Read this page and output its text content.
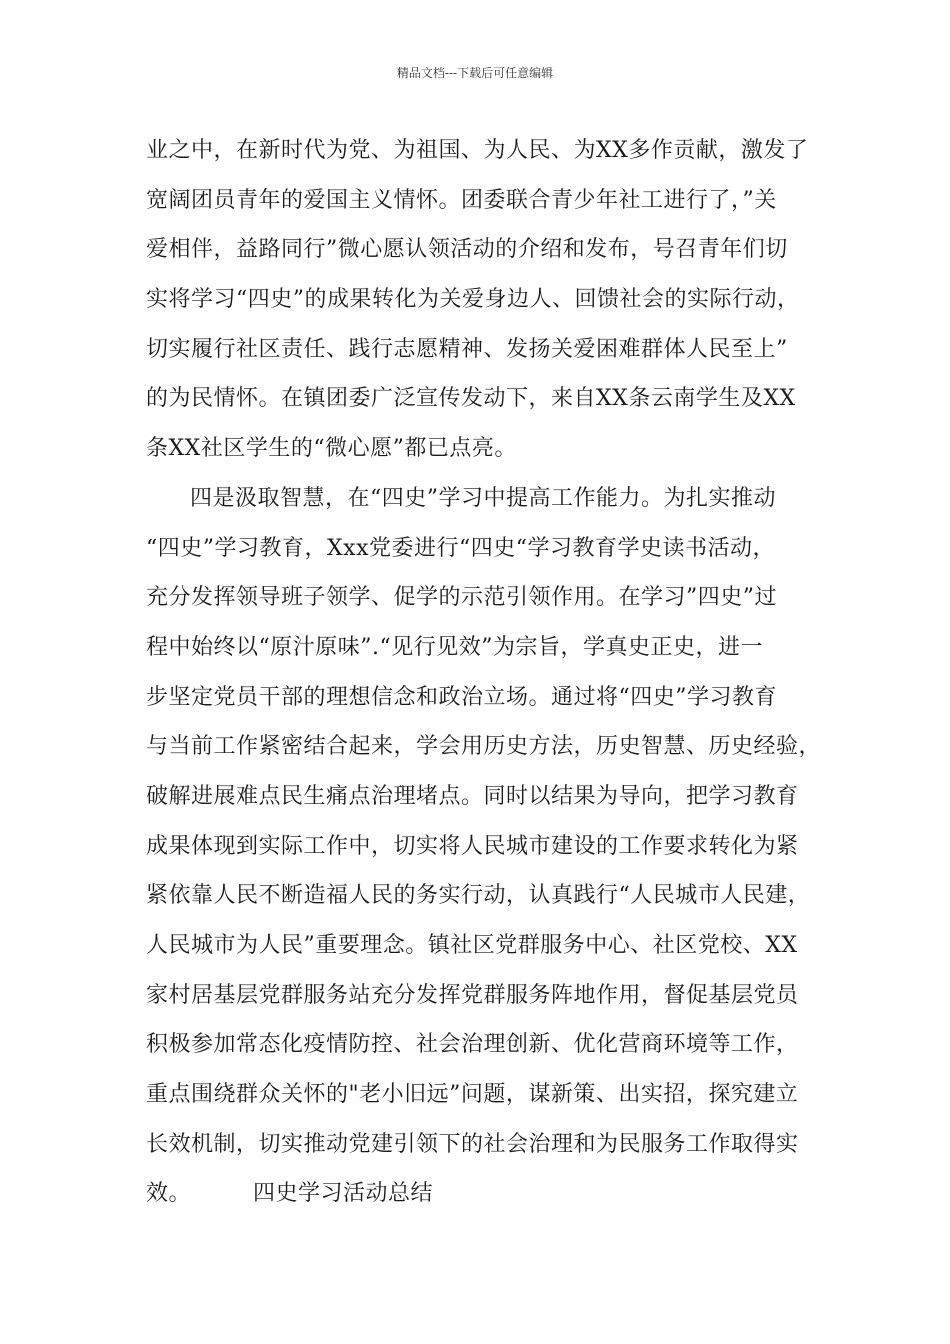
精品文档---下载后可任意编辑
业之中，在新时代为党、为祖国、为人民、为XX多作贡献，激发了
宽阔团员青年的爱国主义情怀。团委联合青少年社工进行了，”关
爱相伴，益路同行”微心愿认领活动的介绍和发布，号召青年们切
实将学习“四史”的成果转化为关爱身边人、回馈社会的实际行动，
切实履行社区责任、践行志愿精神、发扬关爱困难群体人民至上”
的为民情怀。在镇团委广泛宣传发动下，来自XX条云南学生及XX
条XX社区学生的“微心愿”都已点亮。
四是汲取智慧，在“四史”学习中提高工作能力。为扎实推动
“四史”学习教育，Xxx党委进行“四史“学习教育学史读书活动，
充分发挥领导班子领学、促学的示范引领作用。在学习”四史”过
程中始终以“原汁原味”.“见行见效”为宗旨，学真史正史，进一
步坚定党员干部的理想信念和政治立场。通过将“四史”学习教育
与当前工作紧密结合起来，学会用历史方法，历史智慧、历史经验，
破解进展难点民生痛点治理堵点。同时以结果为导向，把学习教育
成果体现到实际工作中，切实将人民城市建设的工作要求转化为紧
紧依靠人民不断造福人民的务实行动，认真践行“人民城市人民建，
人民城市为人民”重要理念。镇社区党群服务中心、社区党校、XX
家村居基层党群服务站充分发挥党群服务阵地作用，督促基层党员
积极参加常态化疫情防控、社会治理创新、优化营商环境等工作，
重点围绕群众关怀的"老小旧远”问题，谋新策、出实招，探究建立
长效机制，切实推动党建引领下的社会治理和为民服务工作取得实
效。	四史学习活动总结
